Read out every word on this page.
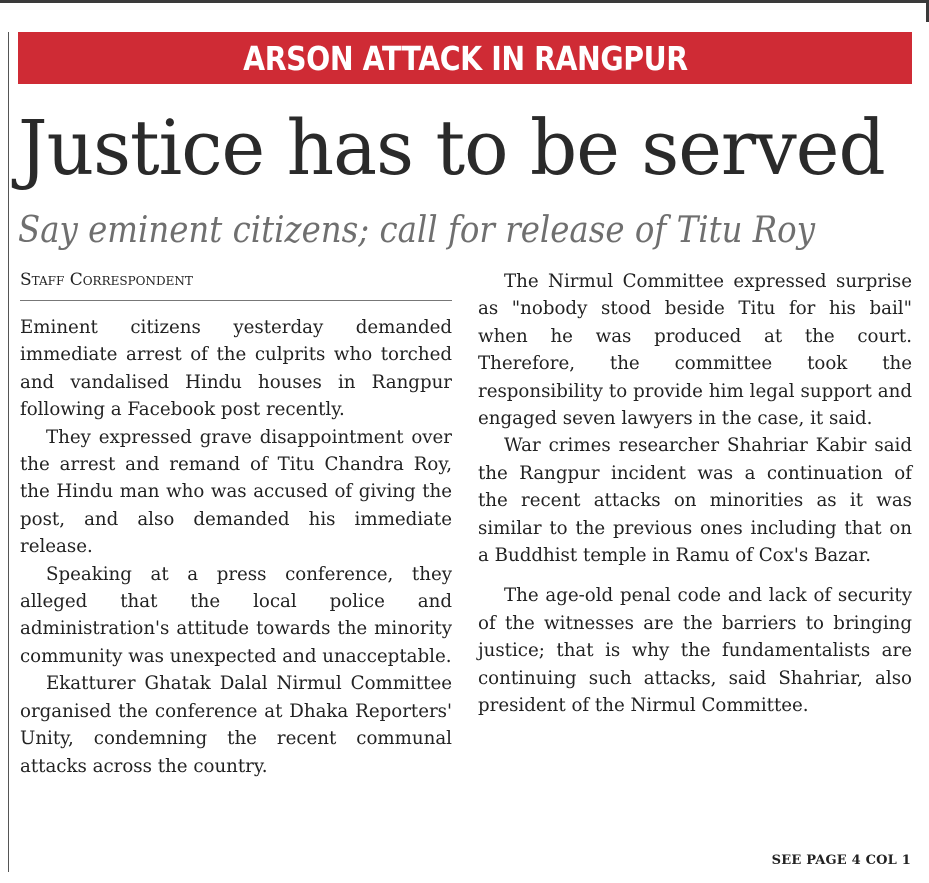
ARSON ATTACK IN RANGPUR
Justice has to be served
Say eminent citizens; call for release of Titu Roy
Staff Correspondent

Eminent citizens yesterday demanded immediate arrest of the culprits who torched and vandalised Hindu houses in Rangpur following a Facebook post recently.

They expressed grave disappointment over the arrest and remand of Titu Chandra Roy, the Hindu man who was accused of giving the post, and also demanded his immediate release.

Speaking at a press conference, they alleged that the local police and administration's attitude towards the minority community was unexpected and unacceptable.

Ekatturer Ghatak Dalal Nirmul Committee organised the conference at Dhaka Reporters' Unity, condemning the recent communal attacks across the country.

The Nirmul Committee expressed surprise as "nobody stood beside Titu for his bail" when he was produced at the court. Therefore, the committee took the responsibility to provide him legal support and engaged seven lawyers in the case, it said.

War crimes researcher Shahriar Kabir said the Rangpur incident was a continuation of the recent attacks on minorities as it was similar to the previous ones including that on a Buddhist temple in Ramu of Cox's Bazar.

The age-old penal code and lack of security of the witnesses are the barriers to bringing justice; that is why the fundamentalists are continuing such attacks, said Shahriar, also president of the Nirmul Committee.

SEE PAGE 4 COL 1
